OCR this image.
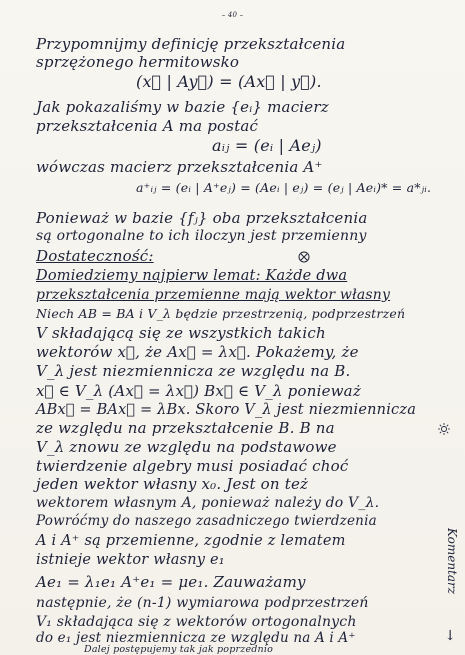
– 40 –
Przypomnijmy definicję przekształcenia
sprzężonego hermitowsko
(x⃗ | Ay⃗) = (Ax⃗ | y⃗).
Jak pokazaliśmy w bazie {eᵢ} macierz
przekształcenia A ma postać
aᵢⱼ = (eᵢ | Aeⱼ)
wówczas macierz przekształcenia A⁺
a⁺ᵢⱼ = (eᵢ | A⁺eⱼ) = (Aeᵢ | eⱼ) = (eⱼ | Aeᵢ)* = a*ⱼᵢ.
Ponieważ w bazie {fⱼ} oba przekształcenia
są ortogonalne to ich iloczyn jest przemienny
Dostateczność:
Domiedziemy najpierw lemat: Każde dwa
przekształcenia przemienne mają wektor własny
Niech AB = BA i V_λ będzie przestrzenią, podprzestrzeń
V składającą się ze wszystkich takich
wektorów x⃗, że Ax⃗ = λx⃗. Pokażemy, że
V_λ jest niezmiennicza ze względu na B.
x⃗ ∈ V_λ (Ax⃗ = λx⃗) Bx⃗ ∈ V_λ ponieważ
ABx⃗ = BAx⃗ = λBx. Skoro V_λ jest niezmiennicza
ze względu na przekształcenie B. B na
V_λ znowu ze względu na podstawowe
twierdzenie algebry musi posiadać choć
jeden wektor własny x₀. Jest on też
wektorem własnym A, ponieważ należy do V_λ.
Powróćmy do naszego zasadniczego twierdzenia
A i A⁺ są przemienne, zgodnie z lematem
istnieje wektor własny e₁
Ae₁ = λ₁e₁ A⁺e₁ = μe₁. Zauważamy
następnie, że (n-1) wymiarowa podprzestrzeń
V₁ składająca się z wektorów ortogonalnych
do e₁ jest niezmiennicza ze względu na A i A⁺
Dalej postępujemy tak jak poprzednio
Komentarz
↓
